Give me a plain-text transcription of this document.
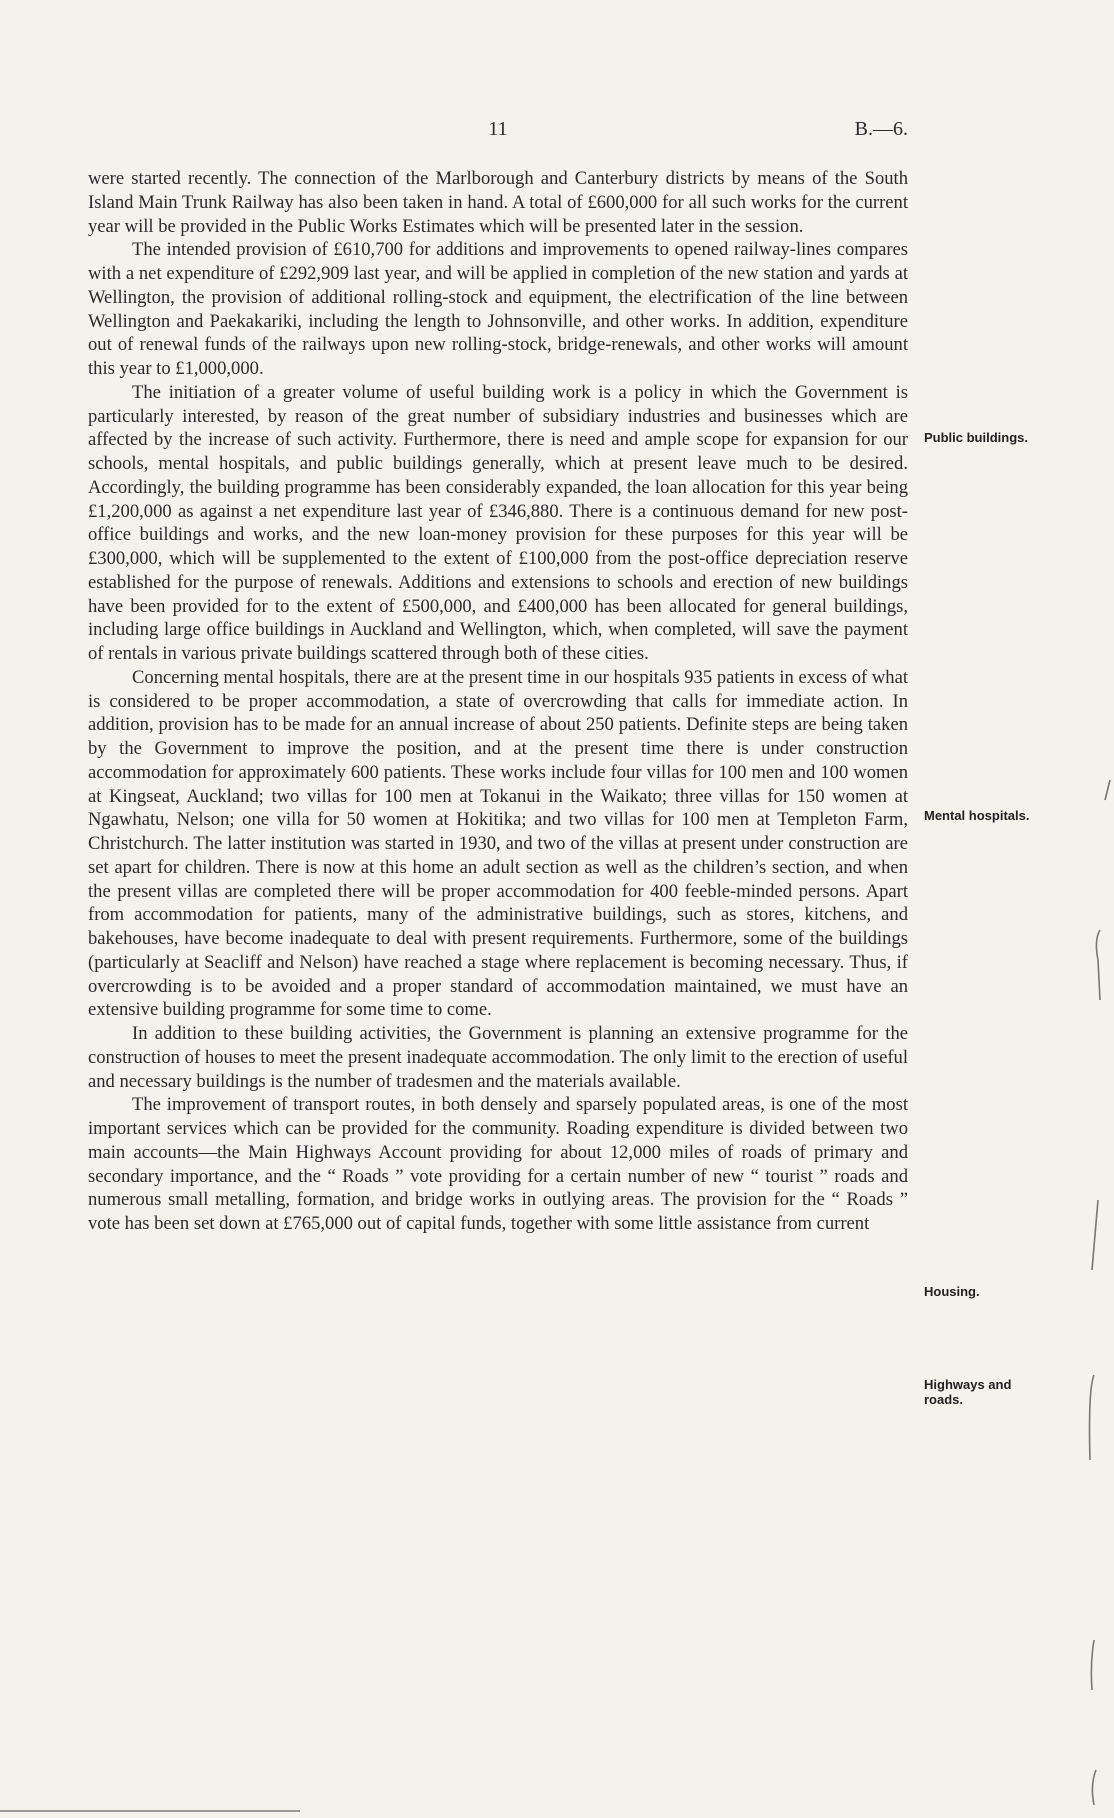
11	B.—6.

were started recently. The connection of the Marlborough and Canterbury districts by means of the South Island Main Trunk Railway has also been taken in hand. A total of £600,000 for all such works for the current year will be provided in the Public Works Estimates which will be presented later in the session.

The intended provision of £610,700 for additions and improvements to opened railway-lines compares with a net expenditure of £292,909 last year, and will be applied in completion of the new station and yards at Wellington, the provision of additional rolling-stock and equipment, the electrification of the line between Wellington and Paekakariki, including the length to Johnsonville, and other works. In addition, expenditure out of renewal funds of the railways upon new rolling-stock, bridge-renewals, and other works will amount this year to £1,000,000.

The initiation of a greater volume of useful building work is a policy in which the Government is particularly interested, by reason of the great number of subsidiary industries and businesses which are affected by the increase of such activity. Furthermore, there is need and ample scope for expansion for our schools, mental hospitals, and public buildings generally, which at present leave much to be desired. Accordingly, the building programme has been considerably expanded, the loan allocation for this year being £1,200,000 as against a net expenditure last year of £346,880. There is a continuous demand for new post-office buildings and works, and the new loan-money provision for these purposes for this year will be £300,000, which will be supplemented to the extent of £100,000 from the post-office depreciation reserve established for the purpose of renewals. Additions and extensions to schools and erection of new buildings have been provided for to the extent of £500,000, and £400,000 has been allocated for general buildings, including large office buildings in Auckland and Wellington, which, when completed, will save the payment of rentals in various private buildings scattered through both of these cities.

Concerning mental hospitals, there are at the present time in our hospitals 935 patients in excess of what is considered to be proper accommodation, a state of overcrowding that calls for immediate action. In addition, provision has to be made for an annual increase of about 250 patients. Definite steps are being taken by the Government to improve the position, and at the present time there is under construction accommodation for approximately 600 patients. These works include four villas for 100 men and 100 women at Kingseat, Auckland; two villas for 100 men at Tokanui in the Waikato; three villas for 150 women at Ngawhatu, Nelson; one villa for 50 women at Hokitika; and two villas for 100 men at Templeton Farm, Christchurch. The latter institution was started in 1930, and two of the villas at present under construction are set apart for children. There is now at this home an adult section as well as the children’s section, and when the present villas are completed there will be proper accommodation for 400 feeble-minded persons. Apart from accommodation for patients, many of the administrative buildings, such as stores, kitchens, and bakehouses, have become inadequate to deal with present requirements. Furthermore, some of the buildings (particularly at Seacliff and Nelson) have reached a stage where replacement is becoming necessary. Thus, if overcrowding is to be avoided and a proper standard of accommodation maintained, we must have an extensive building programme for some time to come.

In addition to these building activities, the Government is planning an extensive programme for the construction of houses to meet the present inadequate accommodation. The only limit to the erection of useful and necessary buildings is the number of tradesmen and the materials available.

The improvement of transport routes, in both densely and sparsely populated areas, is one of the most important services which can be provided for the community. Roading expenditure is divided between two main accounts—the Main Highways Account providing for about 12,000 miles of roads of primary and secondary importance, and the “ Roads ” vote providing for a certain number of new “ tourist ” roads and numerous small metalling, formation, and bridge works in outlying areas. The provision for the “ Roads ” vote has been set down at £765,000 out of capital funds, together with some little assistance from current

Public buildings.
Mental hospitals.
Housing.
Highways and roads.
